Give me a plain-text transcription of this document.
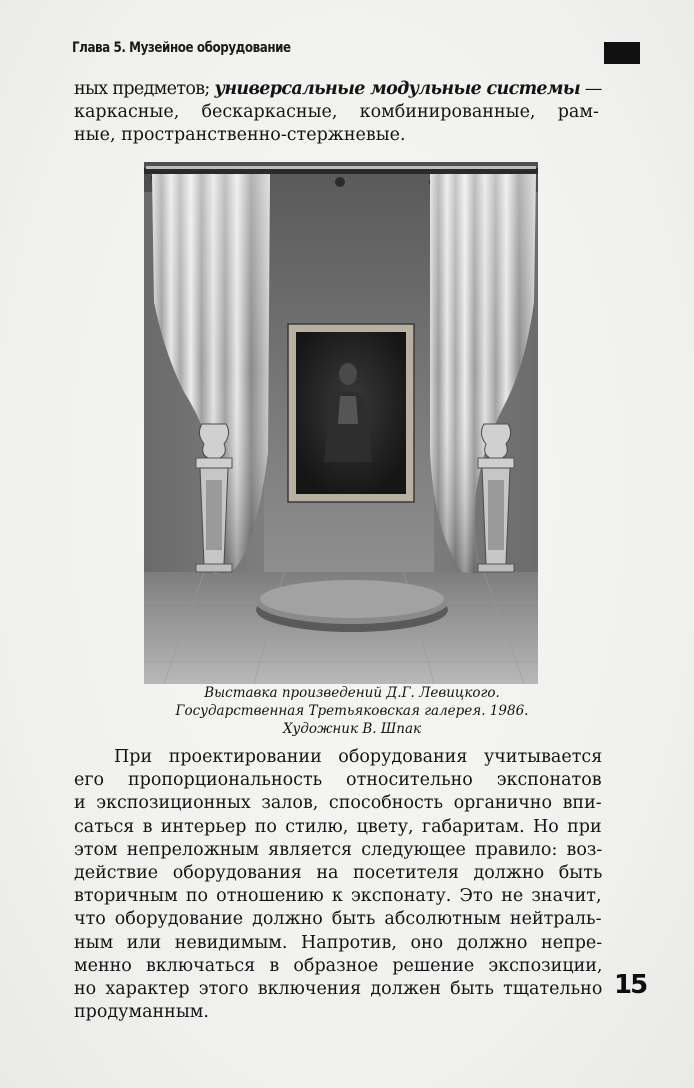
Глава 5. Музейное оборудование

ных предметов; универсальные модульные системы —

каркасные, бескаркасные, комбинированные, рам-

ные, пространственно-стержневые.

Выставка произведений Д.Г. Левицкого.
Государственная Третьяковская галерея. 1986.
Художник В. Шпак

При проектировании оборудования учитывается

его пропорциональность относительно экспонатов

и экспозиционных залов, способность органично впи-

саться в интерьер по стилю, цвету, габаритам. Но при

этом непреложным является следующее правило: воз-

действие оборудования на посетителя должно быть

вторичным по отношению к экспонату. Это не значит,

что оборудование должно быть абсолютным нейтраль-

ным или невидимым. Напротив, оно должно непре-

менно включаться в образное решение экспозиции,

но характер этого включения должен быть тщательно

продуманным.

15
